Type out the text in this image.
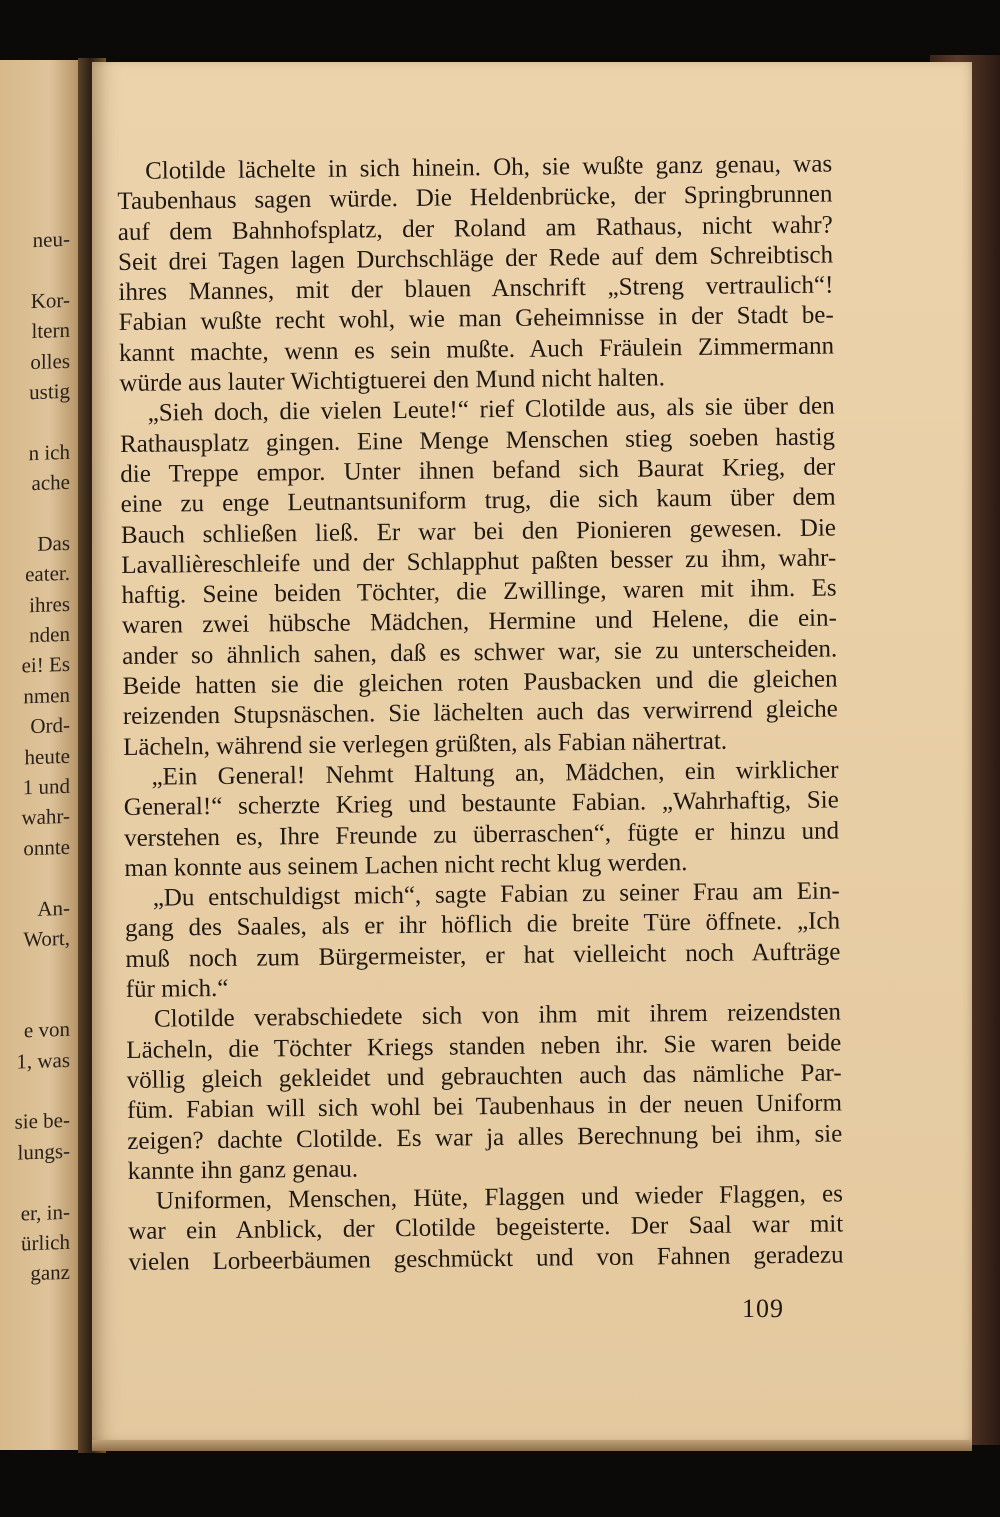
neu-
Kor-
ltern
olles
ustig
n ich
ache
Das
eater.
ihres
nden
ei! Es
nmen
Ord-
heute
1 und
wahr-
onnte
An-
Wort,
e von
1, was
sie be-
lungs-
er, in-
ürlich
ganz
Clotilde lächelte in sich hinein. Oh, sie wußte ganz genau, was
Taubenhaus sagen würde. Die Heldenbrücke, der Springbrunnen
auf dem Bahnhofsplatz, der Roland am Rathaus, nicht wahr?
Seit drei Tagen lagen Durchschläge der Rede auf dem Schreibtisch
ihres Mannes, mit der blauen Anschrift „Streng vertraulich“!
Fabian wußte recht wohl, wie man Geheimnisse in der Stadt be-
kannt machte, wenn es sein mußte. Auch Fräulein Zimmermann
würde aus lauter Wichtigtuerei den Mund nicht halten.
„Sieh doch, die vielen Leute!“ rief Clotilde aus, als sie über den
Rathausplatz gingen. Eine Menge Menschen stieg soeben hastig
die Treppe empor. Unter ihnen befand sich Baurat Krieg, der
eine zu enge Leutnantsuniform trug, die sich kaum über dem
Bauch schließen ließ. Er war bei den Pionieren gewesen. Die
Lavallièreschleife und der Schlapphut paßten besser zu ihm, wahr-
haftig. Seine beiden Töchter, die Zwillinge, waren mit ihm. Es
waren zwei hübsche Mädchen, Hermine und Helene, die ein-
ander so ähnlich sahen, daß es schwer war, sie zu unterscheiden.
Beide hatten sie die gleichen roten Pausbacken und die gleichen
reizenden Stupsnäschen. Sie lächelten auch das verwirrend gleiche
Lächeln, während sie verlegen grüßten, als Fabian nähertrat.
„Ein General! Nehmt Haltung an, Mädchen, ein wirklicher
General!“ scherzte Krieg und bestaunte Fabian. „Wahrhaftig, Sie
verstehen es, Ihre Freunde zu überraschen“, fügte er hinzu und
man konnte aus seinem Lachen nicht recht klug werden.
„Du entschuldigst mich“, sagte Fabian zu seiner Frau am Ein-
gang des Saales, als er ihr höflich die breite Türe öffnete. „Ich
muß noch zum Bürgermeister, er hat vielleicht noch Aufträge
für mich.“
Clotilde verabschiedete sich von ihm mit ihrem reizendsten
Lächeln, die Töchter Kriegs standen neben ihr. Sie waren beide
völlig gleich gekleidet und gebrauchten auch das nämliche Par-
füm. Fabian will sich wohl bei Taubenhaus in der neuen Uniform
zeigen? dachte Clotilde. Es war ja alles Berechnung bei ihm, sie
kannte ihn ganz genau.
Uniformen, Menschen, Hüte, Flaggen und wieder Flaggen, es
war ein Anblick, der Clotilde begeisterte. Der Saal war mit
vielen Lorbeerbäumen geschmückt und von Fahnen geradezu
109
